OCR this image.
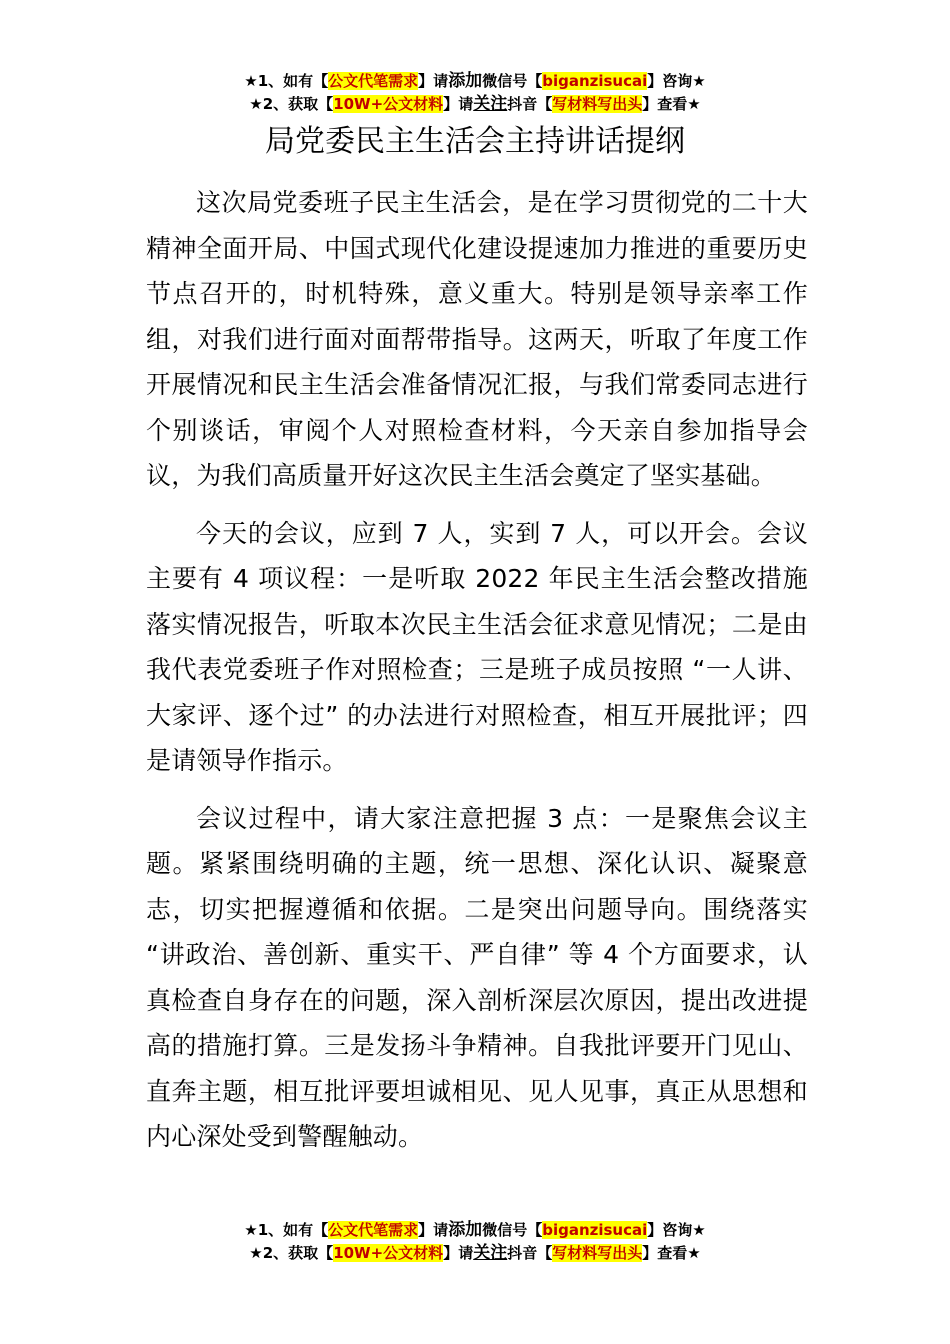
★1、如有【公文代笔需求】请添加微信号【biganzisucai】咨询★
★2、获取【10W+公文材料】请关注抖音【写材料写出头】查看★
局党委民主生活会主持讲话提纲

这次局党委班子民主生活会，是在学习贯彻党的二十大精神全面开局、中国式现代化建设提速加力推进的重要历史节点召开的，时机特殊，意义重大。特别是领导亲率工作组，对我们进行面对面帮带指导。这两天，听取了年度工作开展情况和民主生活会准备情况汇报，与我们常委同志进行个别谈话，审阅个人对照检查材料，今天亲自参加指导会议，为我们高质量开好这次民主生活会奠定了坚实基础。

今天的会议，应到 7 人，实到 7 人，可以开会。会议主要有 4 项议程：一是听取 2022 年民主生活会整改措施落实情况报告，听取本次民主生活会征求意见情况；二是由我代表党委班子作对照检查；三是班子成员按照 “一人讲、大家评、逐个过” 的办法进行对照检查，相互开展批评；四是请领导作指示。

会议过程中，请大家注意把握 3 点：一是聚焦会议主题。紧紧围绕明确的主题，统一思想、深化认识、凝聚意志，切实把握遵循和依据。二是突出问题导向。围绕落实 “讲政治、善创新、重实干、严自律” 等 4 个方面要求，认真检查自身存在的问题，深入剖析深层次原因，提出改进提高的措施打算。三是发扬斗争精神。自我批评要开门见山、直奔主题，相互批评要坦诚相见、见人见事，真正从思想和内心深处受到警醒触动。

★1、如有【公文代笔需求】请添加微信号【biganzisucai】咨询★
★2、获取【10W+公文材料】请关注抖音【写材料写出头】查看★
